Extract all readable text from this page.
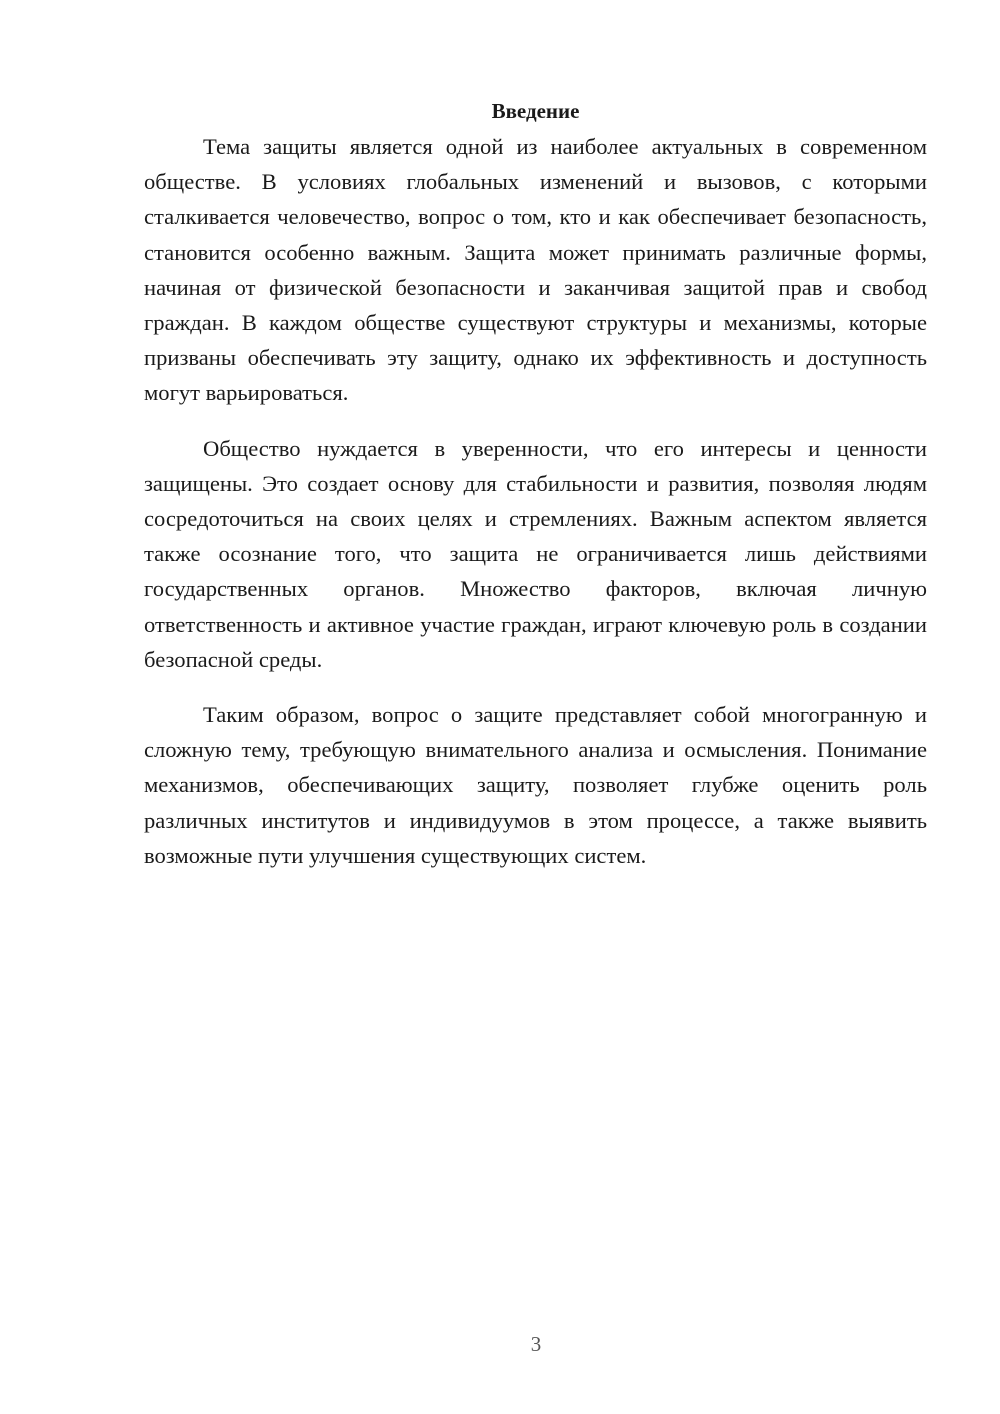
Введение

Тема защиты является одной из наиболее актуальных в современном обществе. В условиях глобальных изменений и вызовов, с которыми сталкивается человечество, вопрос о том, кто и как обеспечивает безопасность, становится особенно важным. Защита может принимать различные формы, начиная от физической безопасности и заканчивая защитой прав и свобод граждан. В каждом обществе существуют структуры и механизмы, которые призваны обеспечивать эту защиту, однако их эффективность и доступность могут варьироваться.

Общество нуждается в уверенности, что его интересы и ценности защищены. Это создает основу для стабильности и развития, позволяя людям сосредоточиться на своих целях и стремлениях. Важным аспектом является также осознание того, что защита не ограничивается лишь действиями государственных органов. Множество факторов, включая личную ответственность и активное участие граждан, играют ключевую роль в создании безопасной среды.

Таким образом, вопрос о защите представляет собой многогранную и сложную тему, требующую внимательного анализа и осмысления. Понимание механизмов, обеспечивающих защиту, позволяет глубже оценить роль различных институтов и индивидуумов в этом процессе, а также выявить возможные пути улучшения существующих систем.

3
